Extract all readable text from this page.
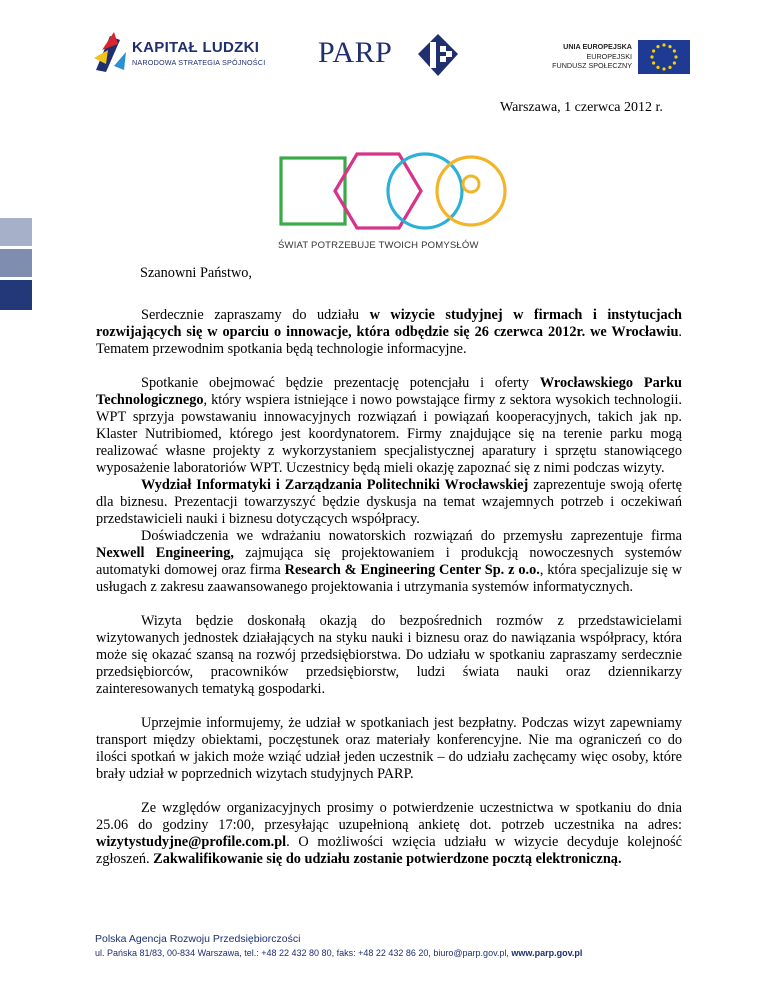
KAPITAŁ LUDZKI
NARODOWA STRATEGIA SPÓJNOŚCI PARP	UNIA EUROPEJSKA
EUROPEJSKI
FUNDUSZ SPOŁECZNY
Warszawa, 1 czerwca 2012 r.
ŚWIAT POTRZEBUJE TWOICH POMYSŁÓW
Szanowni Państwo,

Serdecznie zapraszamy do udziału w wizycie studyjnej w firmach i instytucjach rozwijających się w oparciu o innowacje, która odbędzie się 26 czerwca 2012r. we Wrocławiu. Tematem przewodnim spotkania będą technologie informacyjne.

Spotkanie obejmować będzie prezentację potencjału i oferty Wrocławskiego Parku Technologicznego, który wspiera istniejące i nowo powstające firmy z sektora wysokich technologii. WPT sprzyja powstawaniu innowacyjnych rozwiązań i powiązań kooperacyjnych, takich jak np. Klaster Nutribiomed, którego jest koordynatorem. Firmy znajdujące się na terenie parku mogą realizować własne projekty z wykorzystaniem specjalistycznej aparatury i sprzętu stanowiącego wyposażenie laboratoriów WPT. Uczestnicy będą mieli okazję zapoznać się z nimi podczas wizyty.

Wydział Informatyki i Zarządzania Politechniki Wrocławskiej zaprezentuje swoją ofertę dla biznesu. Prezentacji towarzyszyć będzie dyskusja na temat wzajemnych potrzeb i oczekiwań przedstawicieli nauki i biznesu dotyczących współpracy.

Doświadczenia we wdrażaniu nowatorskich rozwiązań do przemysłu zaprezentuje firma Nexwell Engineering, zajmująca się projektowaniem i produkcją nowoczesnych systemów automatyki domowej oraz firma Research & Engineering Center Sp. z o.o., która specjalizuje się w usługach z zakresu zaawansowanego projektowania i utrzymania systemów informatycznych.

Wizyta będzie doskonałą okazją do bezpośrednich rozmów z przedstawicielami wizytowanych jednostek działających na styku nauki i biznesu oraz do nawiązania współpracy, która może się okazać szansą na rozwój przedsiębiorstwa. Do udziału w spotkaniu zapraszamy serdecznie przedsiębiorców, pracowników przedsiębiorstw, ludzi świata nauki oraz dziennikarzy zainteresowanych tematyką gospodarki.

Uprzejmie informujemy, że udział w spotkaniach jest bezpłatny. Podczas wizyt zapewniamy transport między obiektami, poczęstunek oraz materiały konferencyjne. Nie ma ograniczeń co do ilości spotkań w jakich może wziąć udział jeden uczestnik – do udziału zachęcamy więc osoby, które brały udział w poprzednich wizytach studyjnych PARP.

Ze względów organizacyjnych prosimy o potwierdzenie uczestnictwa w spotkaniu do dnia 25.06 do godziny 17:00, przesyłając uzupełnioną ankietę dot. potrzeb uczestnika na adres: wizytystudyjne@profile.com.pl. O możliwości wzięcia udziału w wizycie decyduje kolejność zgłoszeń. Zakwalifikowanie się do udziału zostanie potwierdzone pocztą elektroniczną.

Polska Agencja Rozwoju Przedsiębiorczości
ul. Pańska 81/83, 00-834 Warszawa, tel.: +48 22 432 80 80, faks: +48 22 432 86 20, biuro@parp.gov.pl, www.parp.gov.pl
